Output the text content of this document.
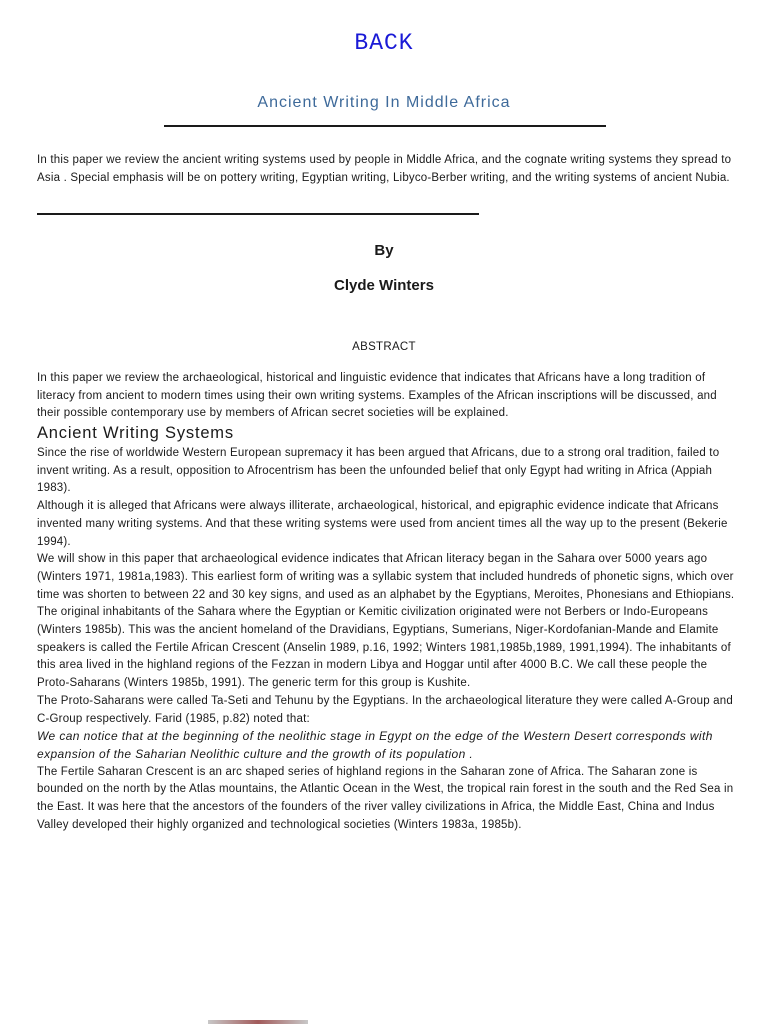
BACK
Ancient Writing In Middle Africa
In this paper we review the ancient writing systems used by people in Middle Africa, and the cognate writing systems they spread to Asia . Special emphasis will be on pottery writing, Egyptian writing, Libyco-Berber writing, and the writing systems of ancient Nubia.
By
Clyde Winters
ABSTRACT
In this paper we review the archaeological, historical and linguistic evidence that indicates that Africans have a long tradition of literacy from ancient to modern times using their own writing systems. Examples of the African inscriptions will be discussed, and their possible contemporary use by members of African secret societies will be explained.
Ancient Writing Systems

Since the rise of worldwide Western European supremacy it has been argued that Africans, due to a strong oral tradition, failed to invent writing. As a result, opposition to Afrocentrism has been the unfounded belief that only Egypt had writing in Africa (Appiah 1983).

Although it is alleged that Africans were always illiterate, archaeological, historical, and epigraphic evidence indicate that Africans invented many writing systems. And that these writing systems were used from ancient times all the way up to the present (Bekerie 1994).

We will show in this paper that archaeological evidence indicates that African literacy began in the Sahara over 5000 years ago (Winters 1971, 1981a,1983). This earliest form of writing was a syllabic system that included hundreds of phonetic signs, which over time was shorten to between 22 and 30 key signs, and used as an alphabet by the Egyptians, Meroites, Phonesians and Ethiopians.

The original inhabitants of the Sahara where the Egyptian or Kemitic civilization originated were not Berbers or Indo-Europeans (Winters 1985b). This was the ancient homeland of the Dravidians, Egyptians, Sumerians, Niger-Kordofanian-Mande and Elamite speakers is called the Fertile African Crescent (Anselin 1989, p.16, 1992; Winters 1981,1985b,1989, 1991,1994). The inhabitants of this area lived in the highland regions of the Fezzan in modern Libya and Hoggar until after 4000 B.C. We call these people the Proto-Saharans (Winters 1985b, 1991). The generic term for this group is Kushite.

The Proto-Saharans were called Ta-Seti and Tehunu by the Egyptians. In the archaeological literature they were called A-Group and C-Group respectively. Farid (1985, p.82) noted that:

We can notice that at the beginning of the neolithic stage in Egypt on the edge of the Western Desert corresponds with expansion of the Saharian Neolithic culture and the growth of its population .

The Fertile Saharan Crescent is an arc shaped series of highland regions in the Saharan zone of Africa. The Saharan zone is bounded on the north by the Atlas mountains, the Atlantic Ocean in the West, the tropical rain forest in the south and the Red Sea in the East. It was here that the ancestors of the founders of the river valley civilizations in Africa, the Middle East, China and Indus Valley developed their highly organized and technological societies (Winters 1983a, 1985b).
